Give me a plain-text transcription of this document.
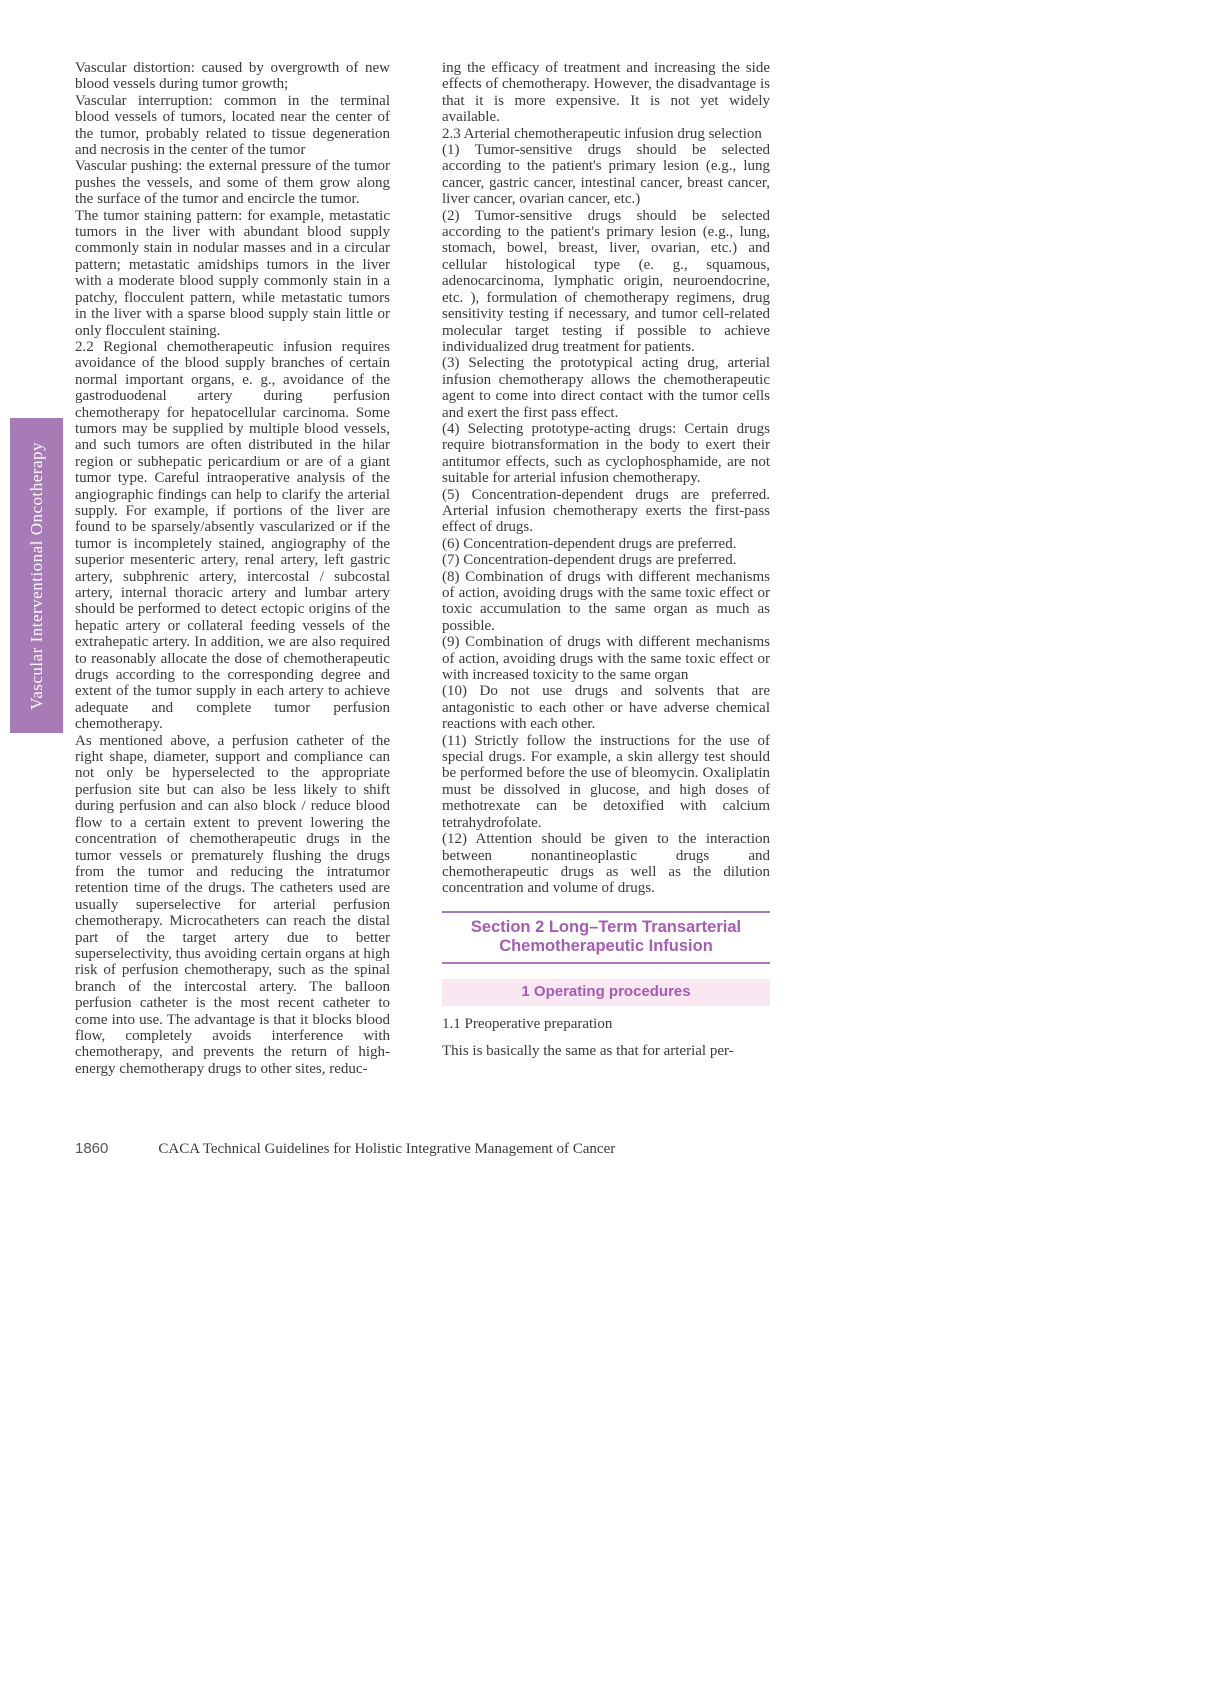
Vascular Interventional Oncotherapy

Vascular distortion: caused by overgrowth of new blood vessels during tumor growth;

Vascular interruption: common in the terminal blood vessels of tumors, located near the center of the tumor, probably related to tissue degeneration and necrosis in the center of the tumor

Vascular pushing: the external pressure of the tumor pushes the vessels, and some of them grow along the surface of the tumor and encircle the tumor.

The tumor staining pattern: for example, metastatic tumors in the liver with abundant blood supply commonly stain in nodular masses and in a circular pattern; metastatic amidships tumors in the liver with a moderate blood supply commonly stain in a patchy, flocculent pattern, while metastatic tumors in the liver with a sparse blood supply stain little or only flocculent staining.

2.2 Regional chemotherapeutic infusion requires avoidance of the blood supply branches of certain normal important organs, e. g., avoidance of the gastroduodenal artery during perfusion chemotherapy for hepatocellular carcinoma. Some tumors may be supplied by multiple blood vessels, and such tumors are often distributed in the hilar region or subhepatic pericardium or are of a giant tumor type. Careful intraoperative analysis of the angiographic findings can help to clarify the arterial supply. For example, if portions of the liver are found to be sparsely/absently vascularized or if the tumor is incompletely stained, angiography of the superior mesenteric artery, renal artery, left gastric artery, subphrenic artery, intercostal / subcostal artery, internal thoracic artery and lumbar artery should be performed to detect ectopic origins of the hepatic artery or collateral feeding vessels of the extrahepatic artery. In addition, we are also required to reasonably allocate the dose of chemotherapeutic drugs according to the corresponding degree and extent of the tumor supply in each artery to achieve adequate and complete tumor perfusion chemotherapy.

As mentioned above, a perfusion catheter of the right shape, diameter, support and compliance can not only be hyperselected to the appropriate perfusion site but can also be less likely to shift during perfusion and can also block / reduce blood flow to a certain extent to prevent lowering the concentration of chemotherapeutic drugs in the tumor vessels or prematurely flushing the drugs from the tumor and reducing the intratumor retention time of the drugs. The catheters used are usually superselective for arterial perfusion chemotherapy. Microcatheters can reach the distal part of the target artery due to better superselectivity, thus avoiding certain organs at high risk of perfusion chemotherapy, such as the spinal branch of the intercostal artery. The balloon perfusion catheter is the most recent catheter to come into use. The advantage is that it blocks blood flow, completely avoids interference with chemotherapy, and prevents the return of high-energy chemotherapy drugs to other sites, reduc-

ing the efficacy of treatment and increasing the side effects of chemotherapy. However, the disadvantage is that it is more expensive. It is not yet widely available.

2.3 Arterial chemotherapeutic infusion drug selection

(1) Tumor-sensitive drugs should be selected according to the patient's primary lesion (e.g., lung cancer, gastric cancer, intestinal cancer, breast cancer, liver cancer, ovarian cancer, etc.)

(2) Tumor-sensitive drugs should be selected according to the patient's primary lesion (e.g., lung, stomach, bowel, breast, liver, ovarian, etc.) and cellular histological type (e. g., squamous, adenocarcinoma, lymphatic origin, neuroendocrine, etc. ), formulation of chemotherapy regimens, drug sensitivity testing if necessary, and tumor cell-related molecular target testing if possible to achieve individualized drug treatment for patients.

(3) Selecting the prototypical acting drug, arterial infusion chemotherapy allows the chemotherapeutic agent to come into direct contact with the tumor cells and exert the first pass effect.

(4) Selecting prototype-acting drugs: Certain drugs require biotransformation in the body to exert their antitumor effects, such as cyclophosphamide, are not suitable for arterial infusion chemotherapy.

(5) Concentration-dependent drugs are preferred. Arterial infusion chemotherapy exerts the first-pass effect of drugs.

(6) Concentration-dependent drugs are preferred.

(7) Concentration-dependent drugs are preferred.

(8) Combination of drugs with different mechanisms of action, avoiding drugs with the same toxic effect or toxic accumulation to the same organ as much as possible.

(9) Combination of drugs with different mechanisms of action, avoiding drugs with the same toxic effect or with increased toxicity to the same organ

(10) Do not use drugs and solvents that are antagonistic to each other or have adverse chemical reactions with each other.

(11) Strictly follow the instructions for the use of special drugs. For example, a skin allergy test should be performed before the use of bleomycin. Oxaliplatin must be dissolved in glucose, and high doses of methotrexate can be detoxified with calcium tetrahydrofolate.

(12) Attention should be given to the interaction between nonantineoplastic drugs and chemotherapeutic drugs as well as the dilution concentration and volume of drugs.

Section 2 Long–Term Transarterial Chemotherapeutic Infusion
1 Operating procedures

1.1 Preoperative preparation

This is basically the same as that for arterial per-

1860	CACA Technical Guidelines for Holistic Integrative Management of Cancer
